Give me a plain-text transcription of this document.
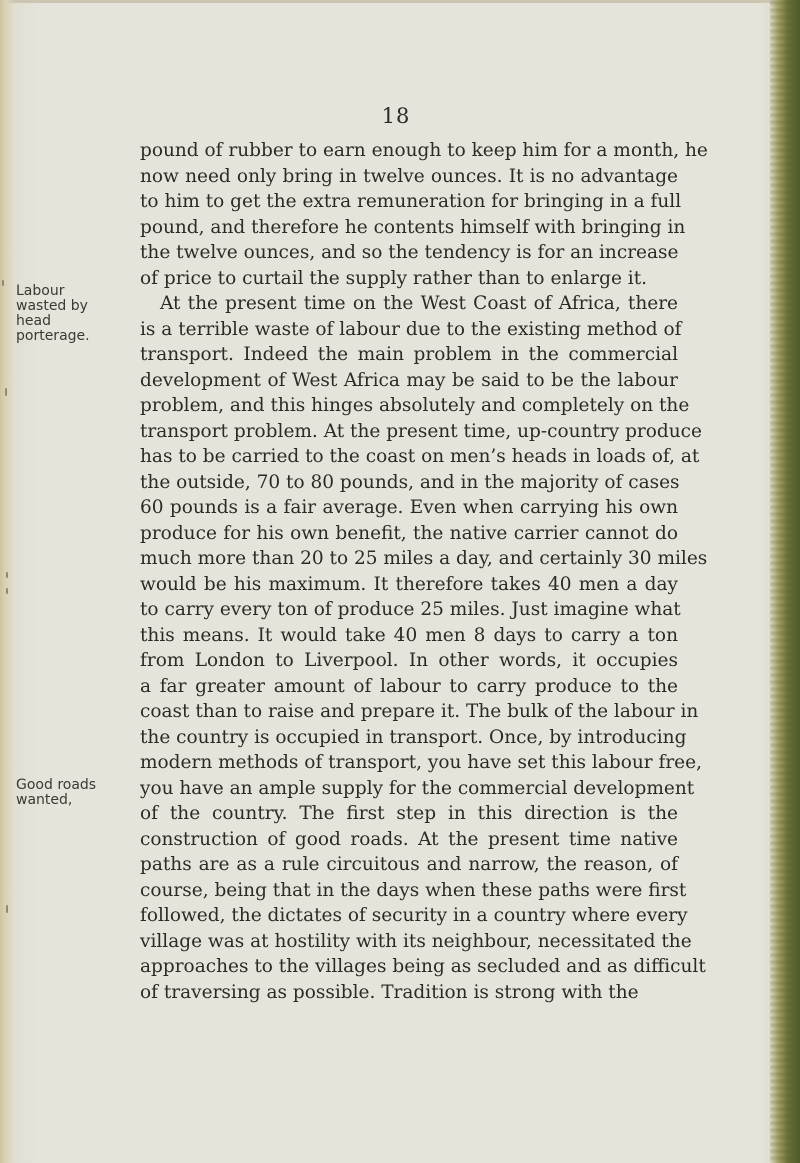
18
Labour
wasted by
head
porterage.
Good roads
wanted,
pound of rubber to earn enough to keep him for a month, he
now need only bring in twelve ounces. It is no advantage
to him to get the extra remuneration for bringing in a full
pound, and therefore he contents himself with bringing in
the twelve ounces, and so the tendency is for an increase
of price to curtail the supply rather than to enlarge it.
At the present time on the West Coast of Africa, there
is a terrible waste of labour due to the existing method of
transport. Indeed the main problem in the commercial
development of West Africa may be said to be the labour
problem, and this hinges absolutely and completely on the
transport problem. At the present time, up-country produce
has to be carried to the coast on men’s heads in loads of, at
the outside, 70 to 80 pounds, and in the majority of cases
60 pounds is a fair average. Even when carrying his own
produce for his own benefit, the native carrier cannot do
much more than 20 to 25 miles a day, and certainly 30 miles
would be his maximum. It therefore takes 40 men a day
to carry every ton of produce 25 miles. Just imagine what
this means. It would take 40 men 8 days to carry a ton
from London to Liverpool. In other words, it occupies
a far greater amount of labour to carry produce to the
coast than to raise and prepare it. The bulk of the labour in
the country is occupied in transport. Once, by introducing
modern methods of transport, you have set this labour free,
you have an ample supply for the commercial development
of the country. The first step in this direction is the
construction of good roads. At the present time native
paths are as a rule circuitous and narrow, the reason, of
course, being that in the days when these paths were first
followed, the dictates of security in a country where every
village was at hostility with its neighbour, necessitated the
approaches to the villages being as secluded and as difficult
of traversing as possible. Tradition is strong with the
